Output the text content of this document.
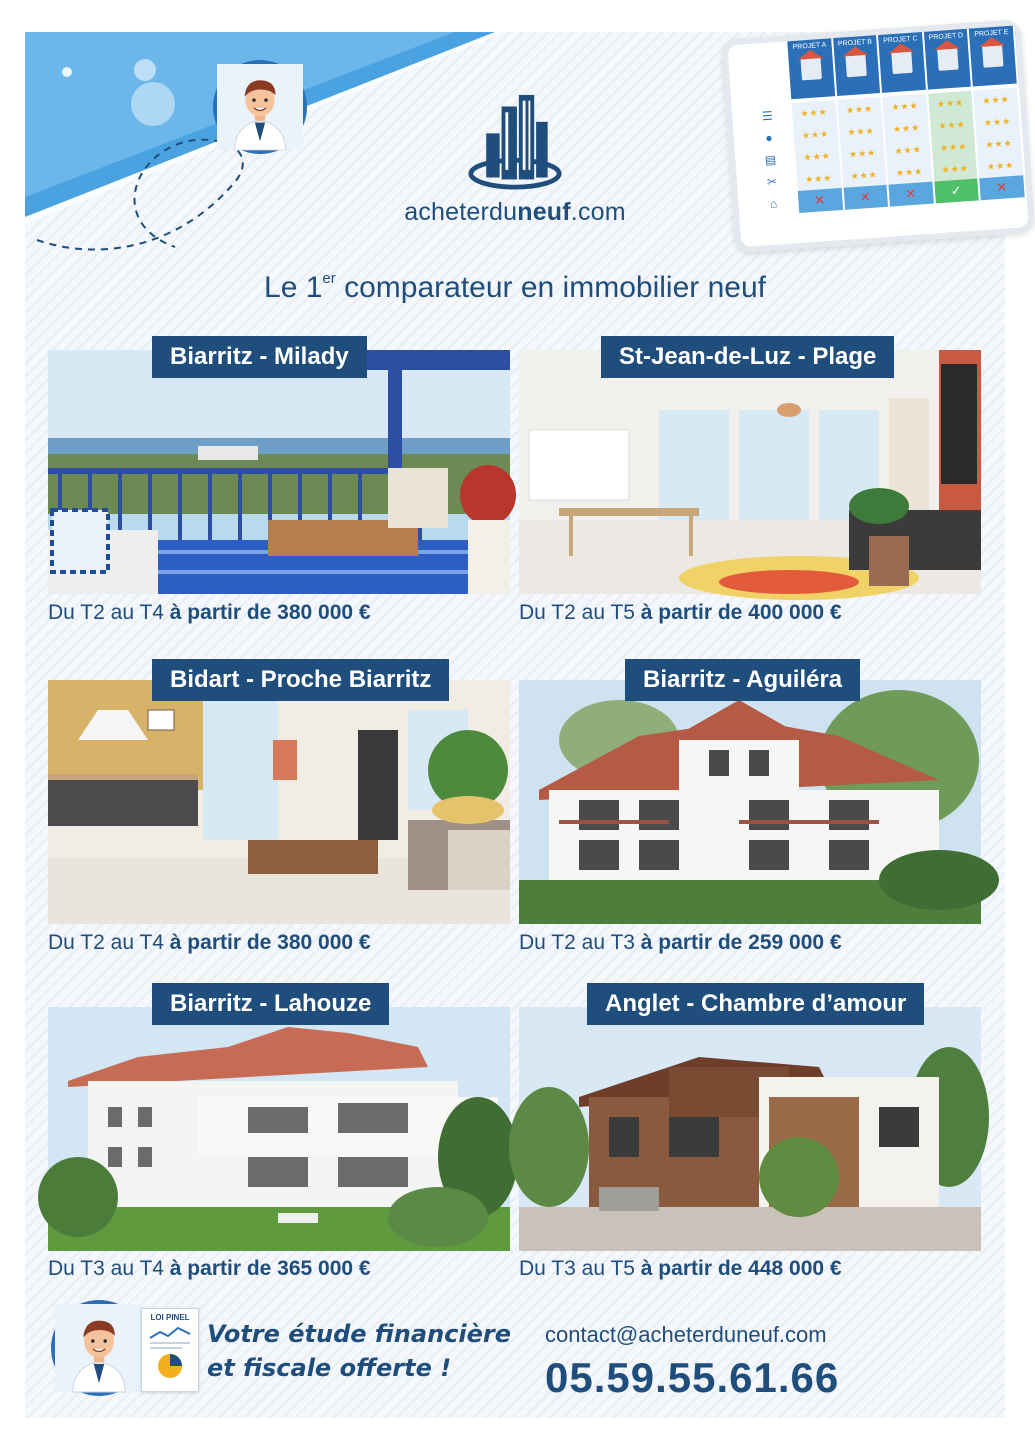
acheterduneuf.com
PROJET A	PROJET B	PROJET C	PROJET D	PROJET E
☰	★★★	★★★	★★★	★★★	★★★
●	★★★	★★★	★★★	★★★	★★★
▤	★★★	★★★	★★★	★★★	★★★
✂	★★★	★★★	★★★	★★★	★★★
⌂	✕	✕	✕	✓	✕
Le 1er comparateur en immobilier neuf
Biarritz - Milady
Du T2 au T4 à partir de 380 000 €
St-Jean-de-Luz - Plage
Du T2 au T5 à partir de 400 000 €
Bidart - Proche Biarritz
Du T2 au T4 à partir de 380 000 €
Biarritz - Aguiléra
Du T2 au T3 à partir de 259 000 €
Biarritz - Lahouze
Du T3 au T4 à partir de 365 000 €
Anglet - Chambre d’amour
Du T3 au T5 à partir de 448 000 €
LOI PINEL
Votre étude financière
et fiscale offerte !
contact@acheterduneuf.com
05.59.55.61.66
